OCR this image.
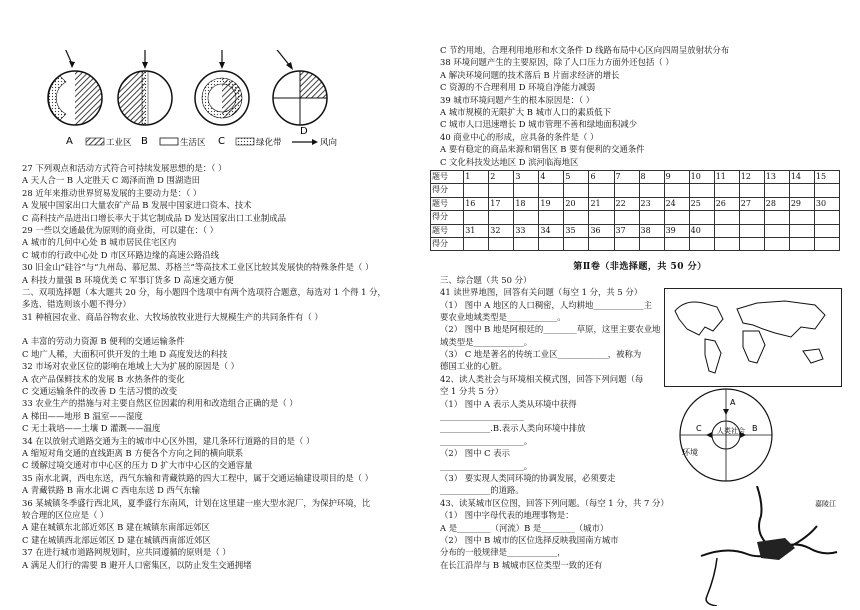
A	B	C
D
工业区	生活区	绿化带	风向
27 下列观点和活动方式符合可持续发展思想的是：（ ）
A 天人合一 B 人定胜天 C 竭泽而渔 D 围湖造田
28 近年来推动世界贸易发展的主要动力是：（ ）
A 发展中国家出口大量农矿产品 B 发展中国家进口资本、技术
C 高科技产品进出口增长率大于其它制成品 D 发达国家出口工业制成品
29 一些以交通最优为原则的商业街，可以建在：（ ）
A 城市的几何中心处 B 城市居民住宅区内
C 城市的行政中心处 D 市区环路边缘的高速公路沿线
30 旧金山“硅谷”与“九州岛、慕尼黑、苏格兰”等高技术工业区比较其发展快的特殊条件是（ ）
A 科技力量强 B 环境优美 C 军事订货多 D 高速交通方便
二、双项选择题（本大题共 20 分，每小题四个选项中有两个选项符合题意，每选对 1 个得 1 分，
多选、错选则该小题不得分）
31 种植园农业、商品谷物农业、大牧场放牧业进行大规模生产的共同条件有（ ）
A 丰富的劳动力资源 B 便利的交通运输条件
C 地广人稀，大面积可供开发的土地 D 高度发达的科技
32 市场对农业区位的影响在地域上大为扩展的原因是（ ）
A 农产品保鲜技术的发展 B 水热条件的变化
C 交通运输条件的改善 D 生活习惯的改变
33 农业生产的措施与对主要自然区位因素的利用和改造组合正确的是（ ）
A 梯田——地形 B 温室——湿度
C 无土栽培——土壤 D 灌溉——温度
34 在以放射式道路交通为主的城市中心区外围，建几条环行道路的目的是（ ）
A 缩短对角交通的直线距离 B 方便各个方向之间的横向联系
C 缓解过境交通对市中心区的压力 D 扩大市中心区的交通容量
35 南水北调，西电东送，西气东输和青藏铁路的四大工程中，属于交通运输建设项目的是（ ）
A 青藏铁路 B 南水北调 C 西电东送 D 西气东输
36 某城镇冬季盛行西北风，夏季盛行东南风，计划在这里建一座大型水泥厂，为保护环境，比
较合理的区位应是（ ）
A 建在城镇东北部近郊区 B 建在城镇东南部远郊区
C 建在城镇西北部远郊区 D 建在城镇西南部近郊区
37 在进行城市道路网规划时，应共同遵循的原则是（ ）
A 满足人们行的需要 B 避开人口密集区，以防止发生交通拥堵
C 节约用地，合理利用地形和水文条件 D 线路布局中心区向四周呈放射状分布
38 环境问题产生的主要原因，除了人口压力方面外还包括（ ）
A 解决环境问题的技术落后 B 片面求经济的增长
C 资源的不合理利用 D 环境自净能力减弱
39 城市环境问题产生的根本原因是：（ ）
A 城市规模的无限扩大 B 城市人口的素质低下
C 城市人口迅速增长 D 城市管理不善和绿地面积减少
40 商业中心的形成，应具备的条件是（ ）
A 要有稳定的商品来源和销售区 B 要有便利的交通条件
C 文化科技发达地区 D 滨河临海地区
题号	1	2	3	4	5	6	7	8	9	10	11	12	13	14	15
得分															
题号	16	17	18	19	20	21	22	23	24	25	26	27	28	29	30
得分															
题号	31	32	33	34	35	36	37	38	39	40					
得分															
第Ⅱ卷（非选择题，共 50 分）
三、综合题（共 50 分）
41 读世界地图，回答有关问题（每空 1 分，共 5 分）
（1） 图中 A 地区的人口稠密，人均耕地____________主
要农业地域类型是____________。
（2） 图中 B 地是阿根廷的________草原，这里主要农业地
域类型是____________。
（3） C 地是著名的传统工业区____________，被称为
德国工业的心脏。
42、读人类社会与环境相关模式图，回答下列问题（每
空 1 分共 5 分）
（1） 图中 A 表示人类从环境中获得
____________________
____________.B.表示人类向环境中排放
____________________。
（2） 图中 C 表示
____________________。
（3） 要实现人类同环境的协调发展，必须要走
____________的道路。
43、读某城市区位图，回答下列问题。（每空 1 分，共 7 分）
（1） 图中字母代表的地理事物是：
A 是________（河流）B 是________（城市）
（2） 图中 B 城市的区位选择反映我国南方城市
分布的一般规律是____________，
在长江沿岸与 B 城城市区位类型一致的还有
人类社会
环境
A
B
C
嘉陵江
